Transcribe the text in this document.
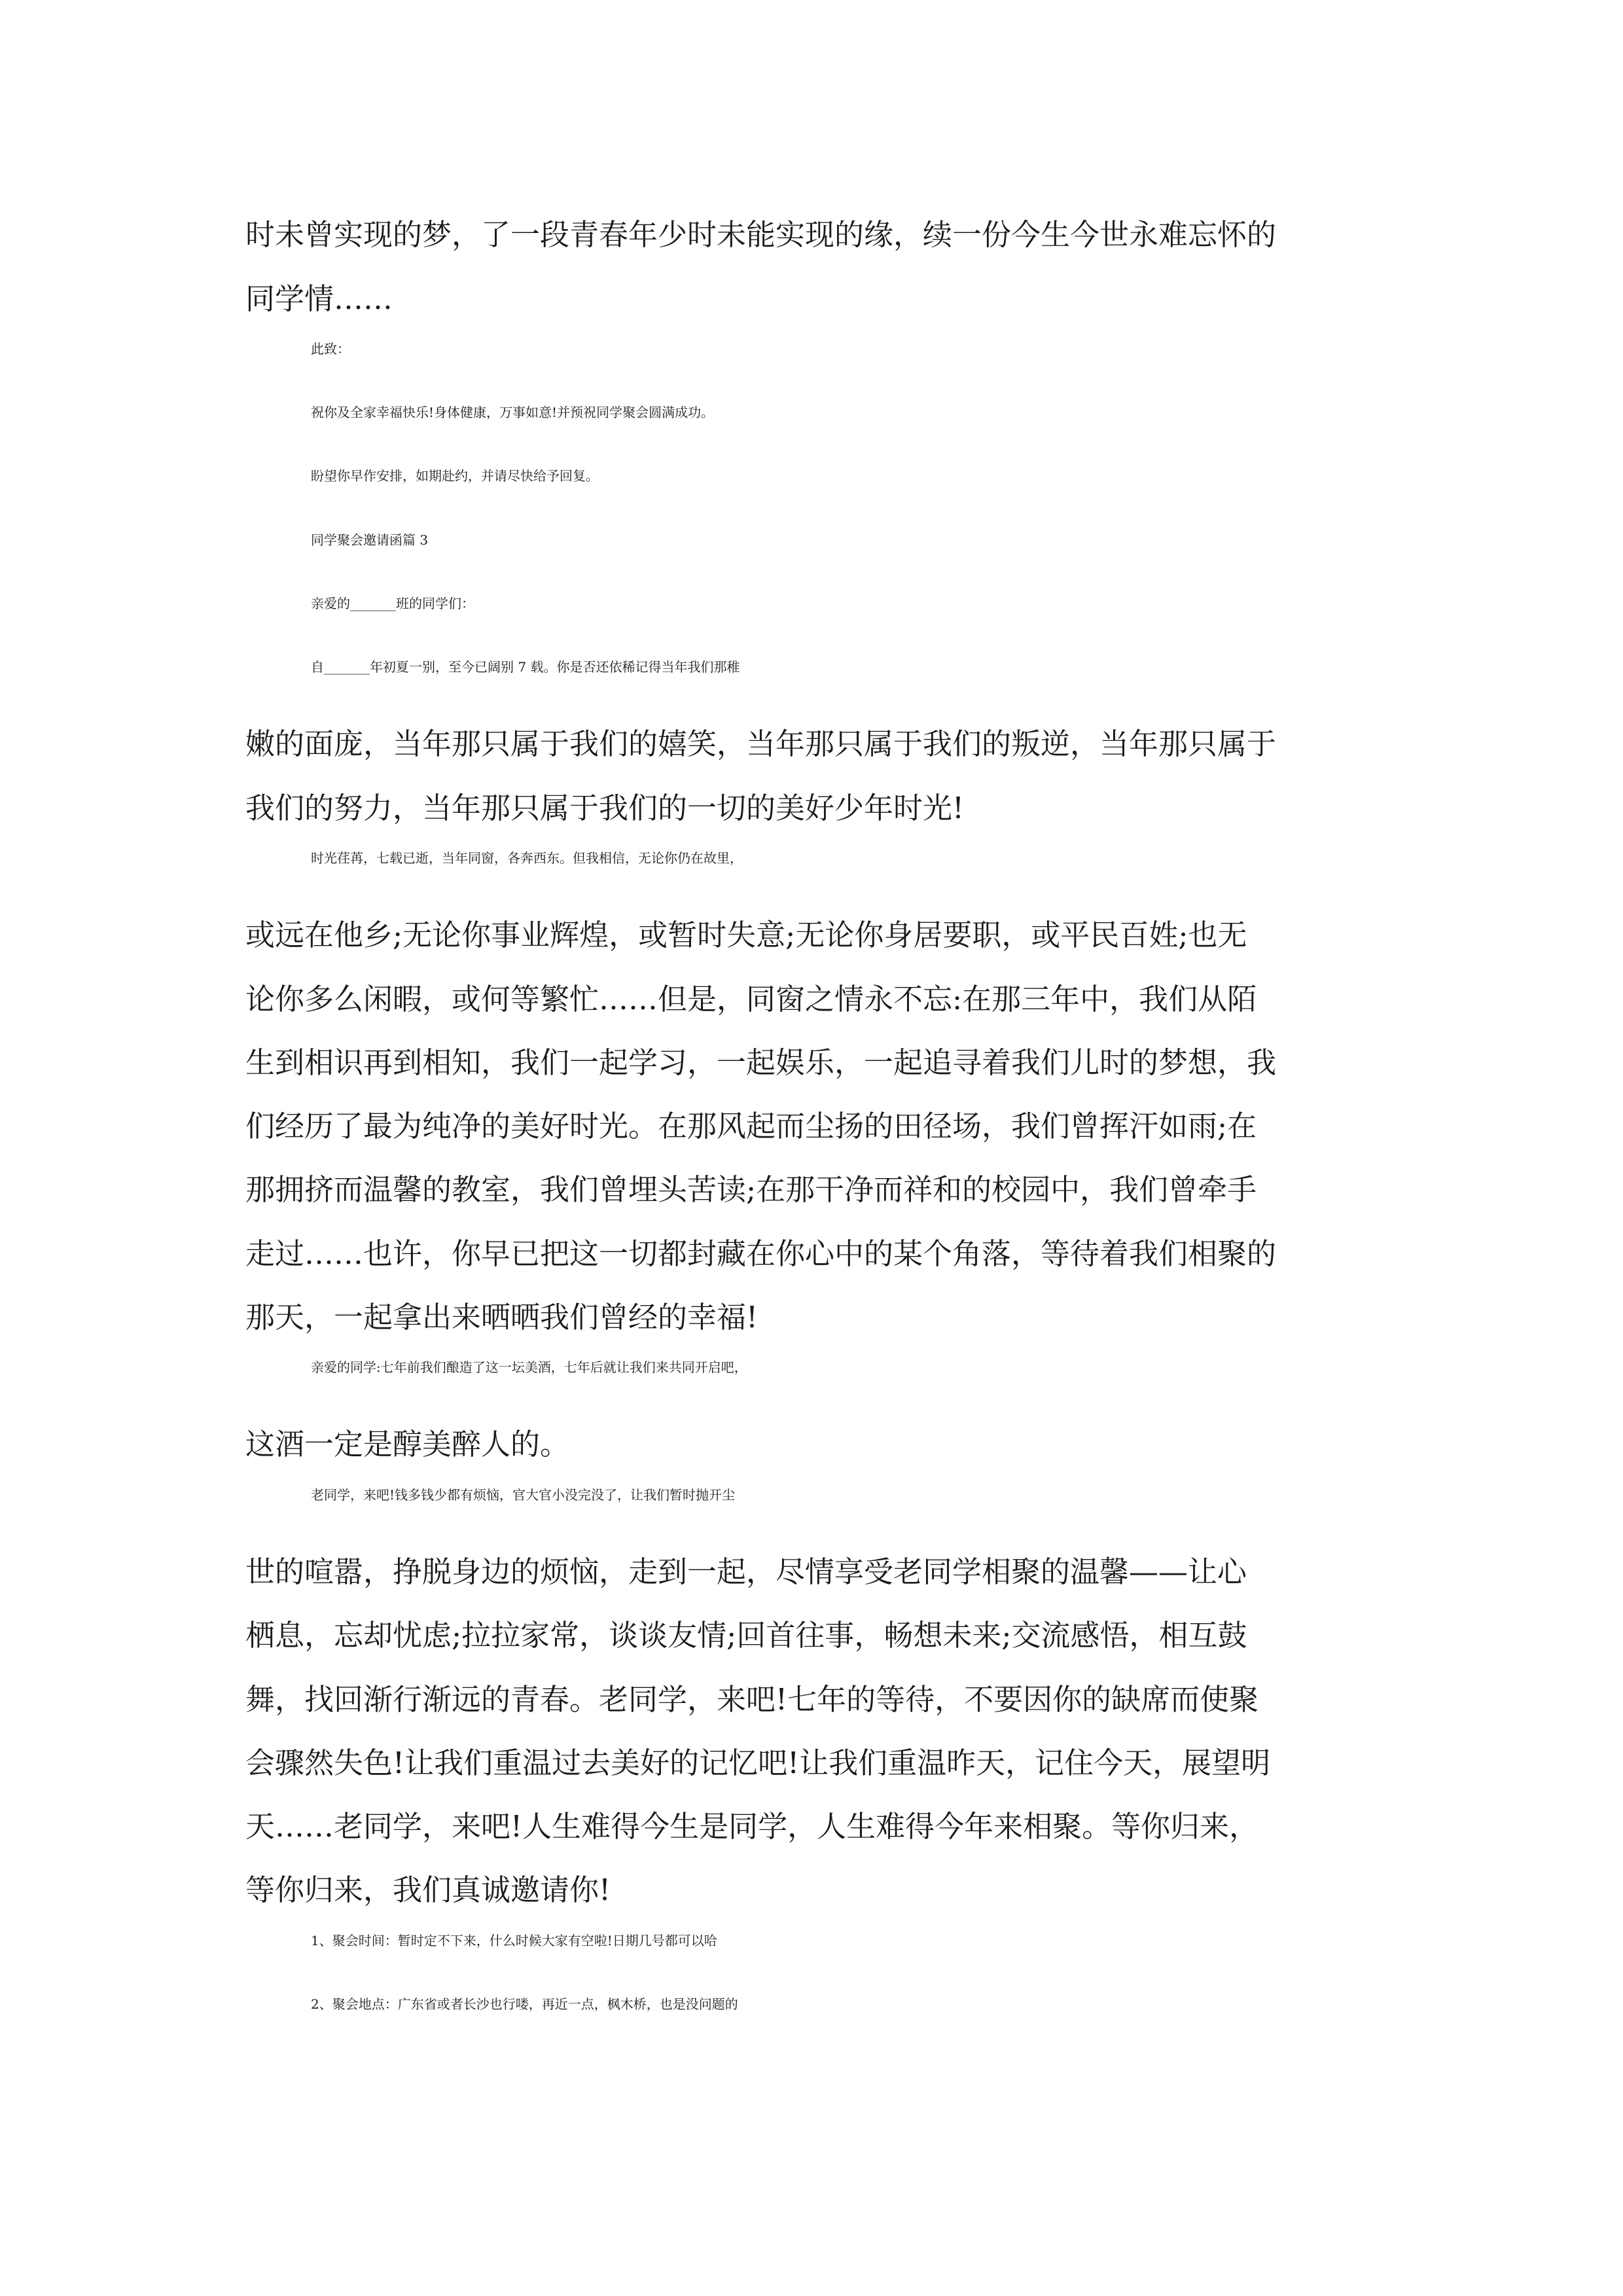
时未曾实现的梦，了一段青春年少时未能实现的缘，续一份今生今世永难忘怀的
同学情……
此致：
祝你及全家幸福快乐!身体健康，万事如意!并预祝同学聚会圆满成功。
盼望你早作安排，如期赴约，并请尽快给予回复。
同学聚会邀请函篇 3
亲爱的_______班的同学们：
自_______年初夏一别，至今已阔别 7 载。你是否还依稀记得当年我们那稚
嫩的面庞，当年那只属于我们的嬉笑，当年那只属于我们的叛逆，当年那只属于
我们的努力，当年那只属于我们的一切的美好少年时光!
时光荏苒，七载已逝，当年同窗，各奔西东。但我相信，无论你仍在故里，
或远在他乡;无论你事业辉煌，或暂时失意;无论你身居要职，或平民百姓;也无
论你多么闲暇，或何等繁忙……但是，同窗之情永不忘:在那三年中，我们从陌
生到相识再到相知，我们一起学习，一起娱乐，一起追寻着我们儿时的梦想，我
们经历了最为纯净的美好时光。在那风起而尘扬的田径场，我们曾挥汗如雨;在
那拥挤而温馨的教室，我们曾埋头苦读;在那干净而祥和的校园中，我们曾牵手
走过……也许，你早已把这一切都封藏在你心中的某个角落，等待着我们相聚的
那天，一起拿出来晒晒我们曾经的幸福!
亲爱的同学:七年前我们酿造了这一坛美酒，七年后就让我们来共同开启吧，
这酒一定是醇美醉人的。
老同学，来吧!钱多钱少都有烦恼，官大官小没完没了，让我们暂时抛开尘
世的喧嚣，挣脱身边的烦恼，走到一起，尽情享受老同学相聚的温馨——让心
栖息，忘却忧虑;拉拉家常，谈谈友情;回首往事，畅想未来;交流感悟，相互鼓
舞，找回渐行渐远的青春。老同学，来吧!七年的等待，不要因你的缺席而使聚
会骤然失色!让我们重温过去美好的记忆吧!让我们重温昨天，记住今天，展望明
天……老同学，来吧!人生难得今生是同学，人生难得今年来相聚。等你归来，
等你归来，我们真诚邀请你!
1、聚会时间：暂时定不下来，什么时候大家有空啦!日期几号都可以哈
2、聚会地点：广东省或者长沙也行喽，再近一点，枫木桥，也是没问题的
